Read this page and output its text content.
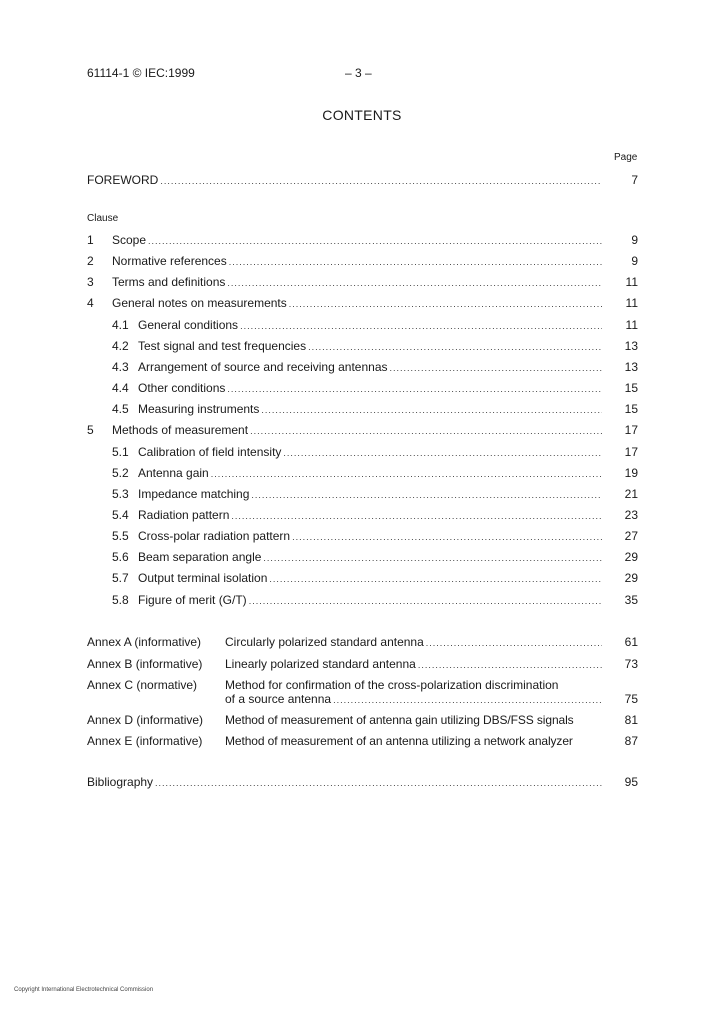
61114-1 © IEC:1999	– 3 –
CONTENTS
Page
FOREWORD .....	7
Clause
1 Scope .....	9
2 Normative references .....	9
3 Terms and definitions .....	11
4 General notes on measurements .....	11
4.1 General conditions .....	11
4.2 Test signal and test frequencies .....	13
4.3 Arrangement of source and receiving antennas .....	13
4.4 Other conditions .....	15
4.5 Measuring instruments .....	15
5 Methods of measurement .....	17
5.1 Calibration of field intensity .....	17
5.2 Antenna gain .....	19
5.3 Impedance matching .....	21
5.4 Radiation pattern .....	23
5.5 Cross-polar radiation pattern .....	27
5.6 Beam separation angle .....	29
5.7 Output terminal isolation .....	29
5.8 Figure of merit (G/T) .....	35
Annex A (informative) Circularly polarized standard antenna .....	61
Annex B (informative) Linearly polarized standard antenna .....	73
Annex C (normative) Method for confirmation of the cross-polarization discrimination
of a source antenna .....	75
Annex D (informative) Method of measurement of antenna gain utilizing DBS/FSS signals	81
Annex E (informative) Method of measurement of an antenna utilizing a network analyzer	87
Bibliography .....	95
Copyright International Electrotechnical Commission
